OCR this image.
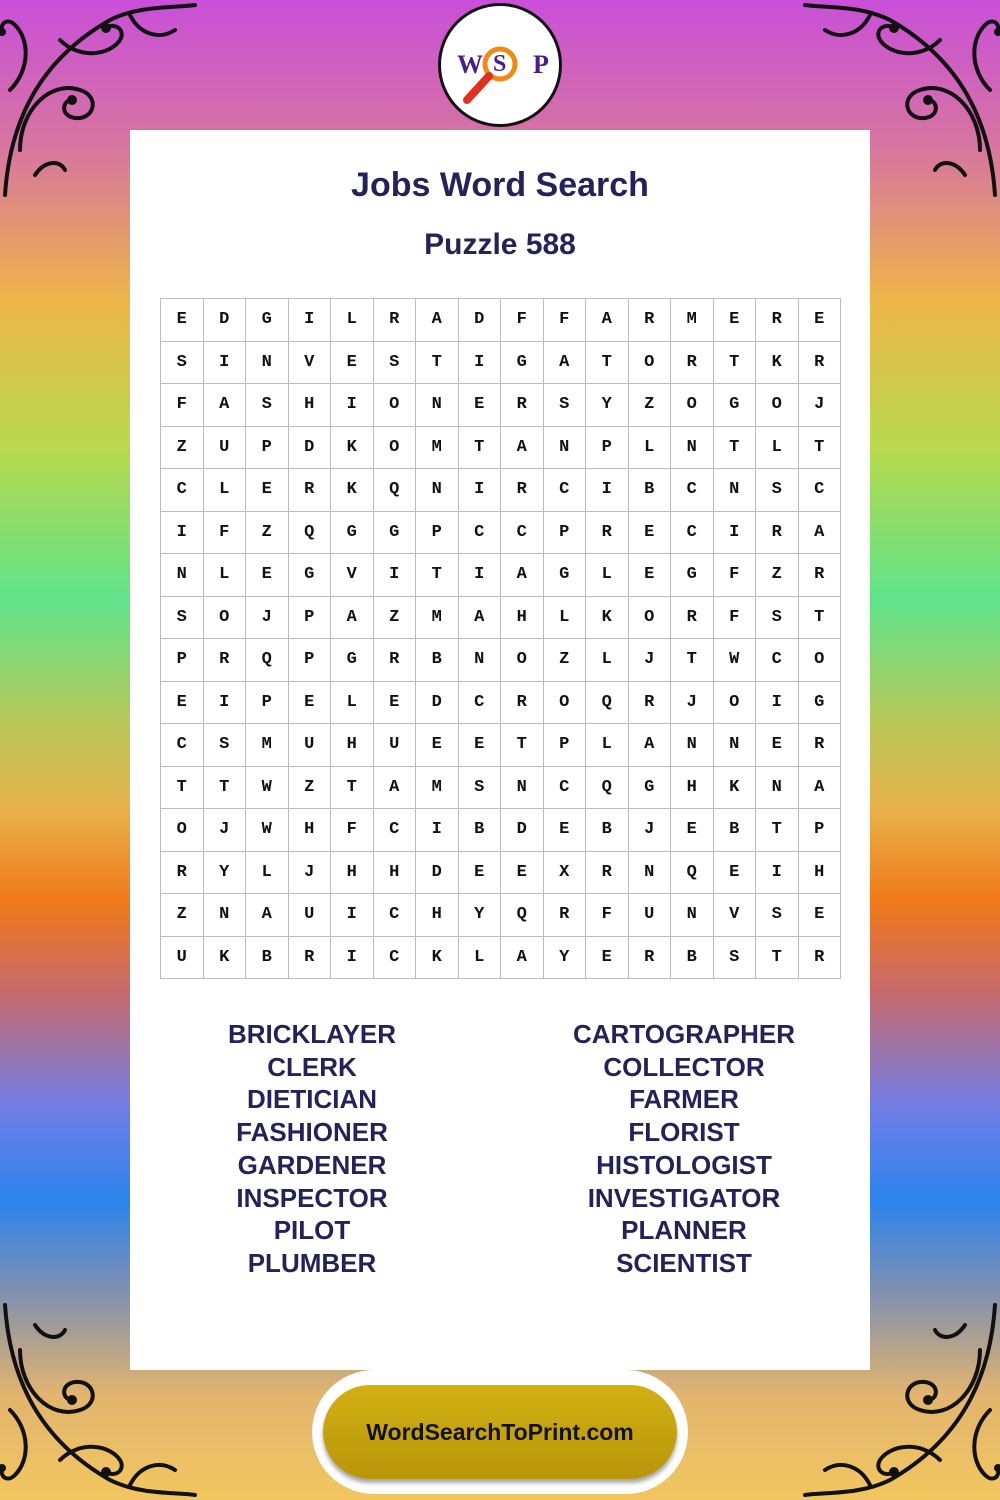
W S P
Jobs Word Search
Puzzle 588
E	D	G	I	L	R	A	D	F	F	A	R	M	E	R	E
S	I	N	V	E	S	T	I	G	A	T	O	R	T	K	R
F	A	S	H	I	O	N	E	R	S	Y	Z	O	G	O	J
Z	U	P	D	K	O	M	T	A	N	P	L	N	T	L	T
C	L	E	R	K	Q	N	I	R	C	I	B	C	N	S	C
I	F	Z	Q	G	G	P	C	C	P	R	E	C	I	R	A
N	L	E	G	V	I	T	I	A	G	L	E	G	F	Z	R
S	O	J	P	A	Z	M	A	H	L	K	O	R	F	S	T
P	R	Q	P	G	R	B	N	O	Z	L	J	T	W	C	O
E	I	P	E	L	E	D	C	R	O	Q	R	J	O	I	G
C	S	M	U	H	U	E	E	T	P	L	A	N	N	E	R
T	T	W	Z	T	A	M	S	N	C	Q	G	H	K	N	A
O	J	W	H	F	C	I	B	D	E	B	J	E	B	T	P
R	Y	L	J	H	H	D	E	E	X	R	N	Q	E	I	H
Z	N	A	U	I	C	H	Y	Q	R	F	U	N	V	S	E
U	K	B	R	I	C	K	L	A	Y	E	R	B	S	T	R
BRICKLAYER
CLERK
DIETICIAN
FASHIONER
GARDENER
INSPECTOR
PILOT
PLUMBER
CARTOGRAPHER
COLLECTOR
FARMER
FLORIST
HISTOLOGIST
INVESTIGATOR
PLANNER
SCIENTIST
WordSearchToPrint.com
